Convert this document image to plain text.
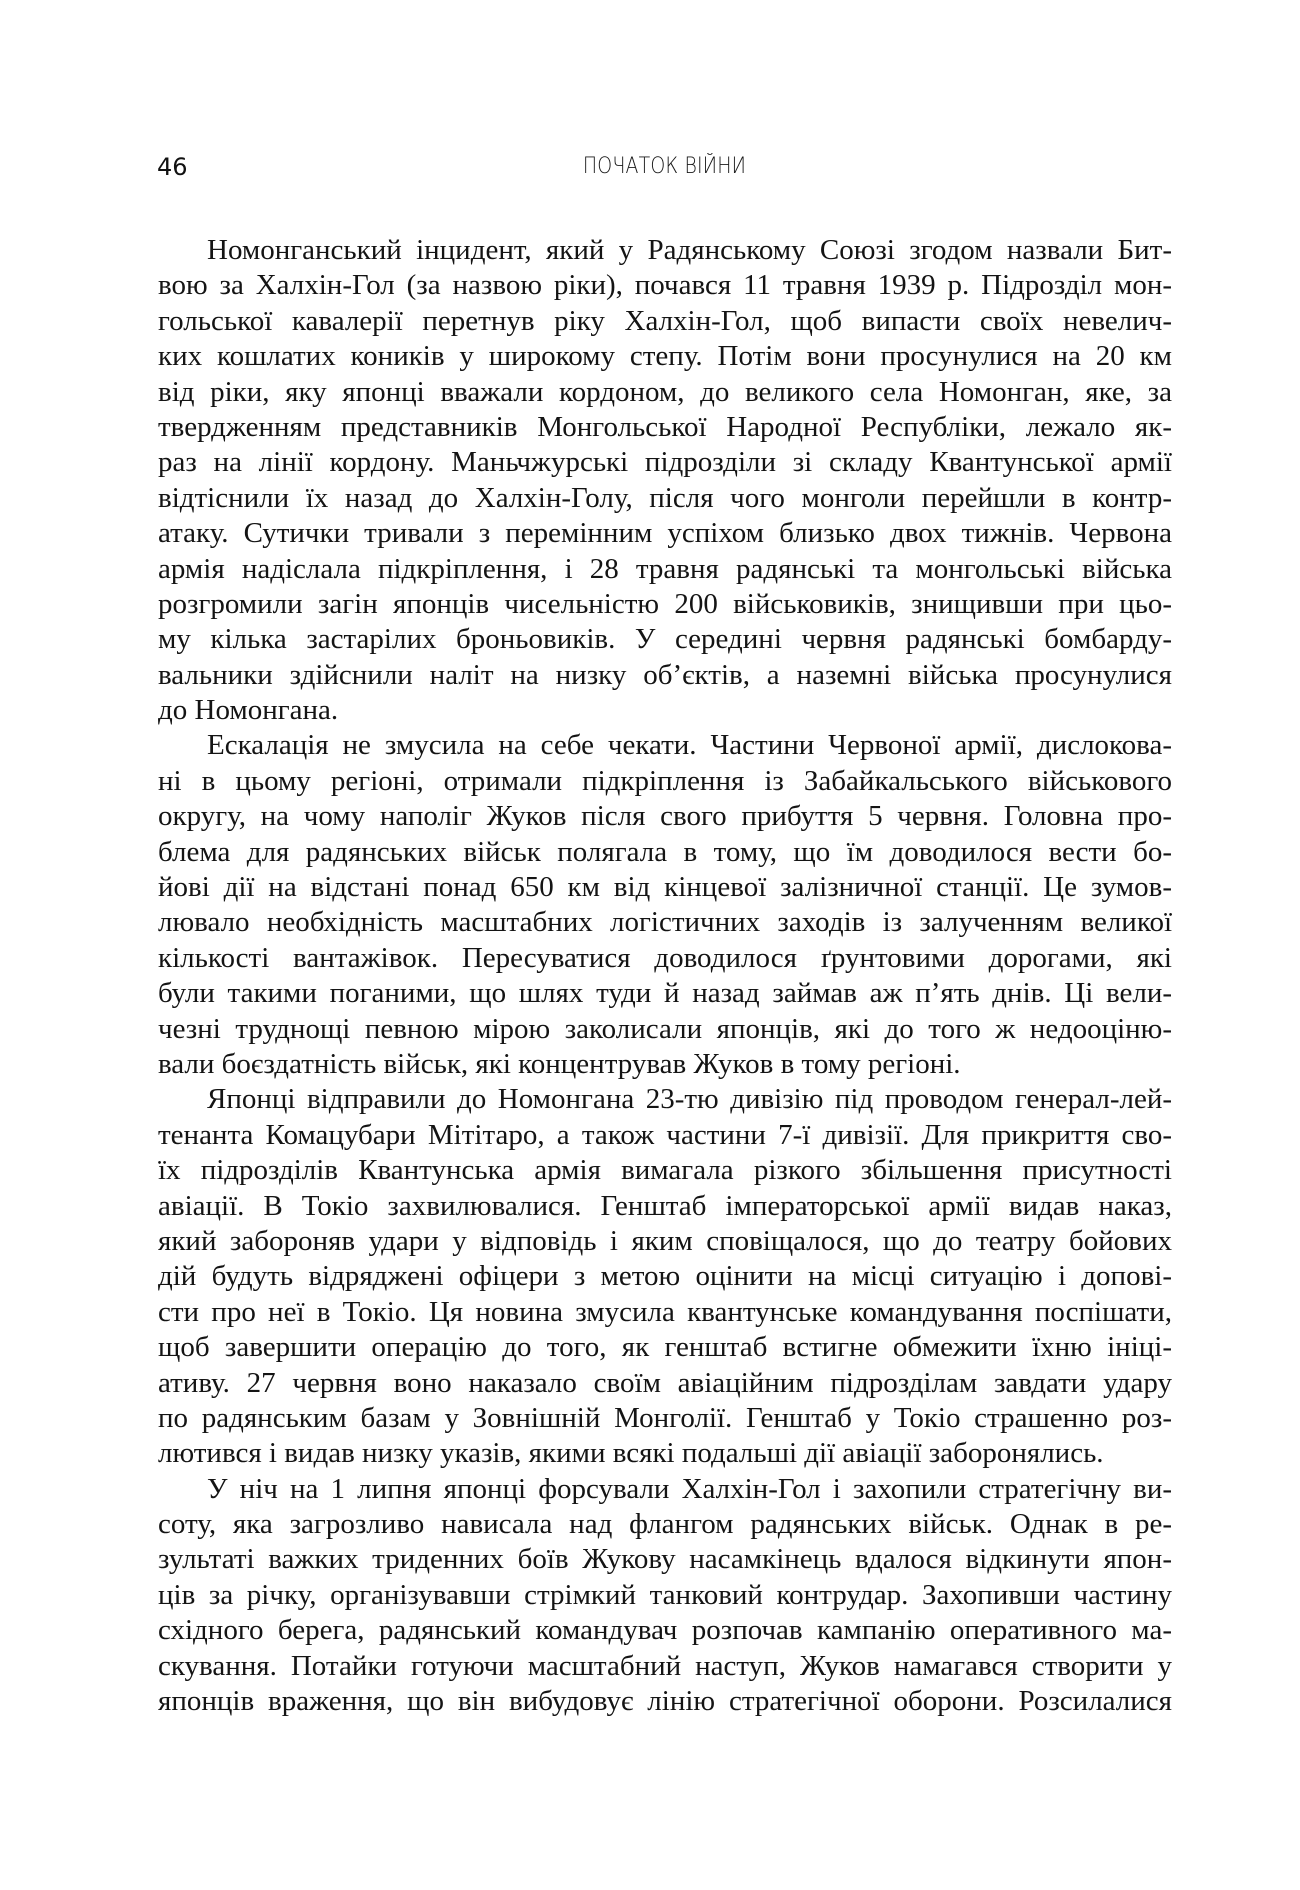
46	ПОЧАТОК ВІЙНИ
Номонганський інцидент, який у Радянському Союзі згодом назвали Бит-
вою за Халхін-Гол (за назвою ріки), почався 11 травня 1939 р. Підрозділ мон-
гольської кавалерії перетнув ріку Халхін-Гол, щоб випасти своїх невелич-
ких кошлатих коників у широкому степу. Потім вони просунулися на 20 км
від ріки, яку японці вважали кордоном, до великого села Номонган, яке, за
твердженням представників Монгольської Народної Республіки, лежало як-
раз на лінії кордону. Маньчжурські підрозділи зі складу Квантунської армії
відтіснили їх назад до Халхін-Голу, після чого монголи перейшли в контр-
атаку. Сутички тривали з перемінним успіхом близько двох тижнів. Червона
армія надіслала підкріплення, і 28 травня радянські та монгольські війська
розгромили загін японців чисельністю 200 військовиків, знищивши при цьо-
му кілька застарілих броньовиків. У середині червня радянські бомбарду-
вальники здійснили наліт на низку об’єктів, а наземні війська просунулися
до Номонгана.
Ескалація не змусила на себе чекати. Частини Червоної армії, дислокова-
ні в цьому регіоні, отримали підкріплення із Забайкальського військового
округу, на чому наполіг Жуков після свого прибуття 5 червня. Головна про-
блема для радянських військ полягала в тому, що їм доводилося вести бо-
йові дії на відстані понад 650 км від кінцевої залізничної станції. Це зумов-
лювало необхідність масштабних логістичних заходів із залученням великої
кількості вантажівок. Пересуватися доводилося ґрунтовими дорогами, які
були такими поганими, що шлях туди й назад займав аж п’ять днів. Ці вели-
чезні труднощі певною мірою заколисали японців, які до того ж недооціню-
вали боєздатність військ, які концентрував Жуков в тому регіоні.
Японці відправили до Номонгана 23-тю дивізію під проводом генерал-лей-
тенанта Комацубари Мітітаро, а також частини 7-ї дивізії. Для прикриття сво-
їх підрозділів Квантунська армія вимагала різкого збільшення присутності
авіації. В Токіо захвилювалися. Генштаб імператорської армії видав наказ,
який забороняв удари у відповідь і яким сповіщалося, що до театру бойових
дій будуть відряджені офіцери з метою оцінити на місці ситуацію і допові-
сти про неї в Токіо. Ця новина змусила квантунське командування поспішати,
щоб завершити операцію до того, як генштаб встигне обмежити їхню ініці-
ативу. 27 червня воно наказало своїм авіаційним підрозділам завдати удару
по радянським базам у Зовнішній Монголії. Генштаб у Токіо страшенно роз-
лютився і видав низку указів, якими всякі подальші дії авіації заборонялись.
У ніч на 1 липня японці форсували Халхін-Гол і захопили стратегічну ви-
соту, яка загрозливо нависала над флангом радянських військ. Однак в ре-
зультаті важких триденних боїв Жукову насамкінець вдалося відкинути япон-
ців за річку, організувавши стрімкий танковий контрудар. Захопивши частину
східного берега, радянський командувач розпочав кампанію оперативного ма-
скування. Потайки готуючи масштабний наступ, Жуков намагався створити у
японців враження, що він вибудовує лінію стратегічної оборони. Розсилалися
